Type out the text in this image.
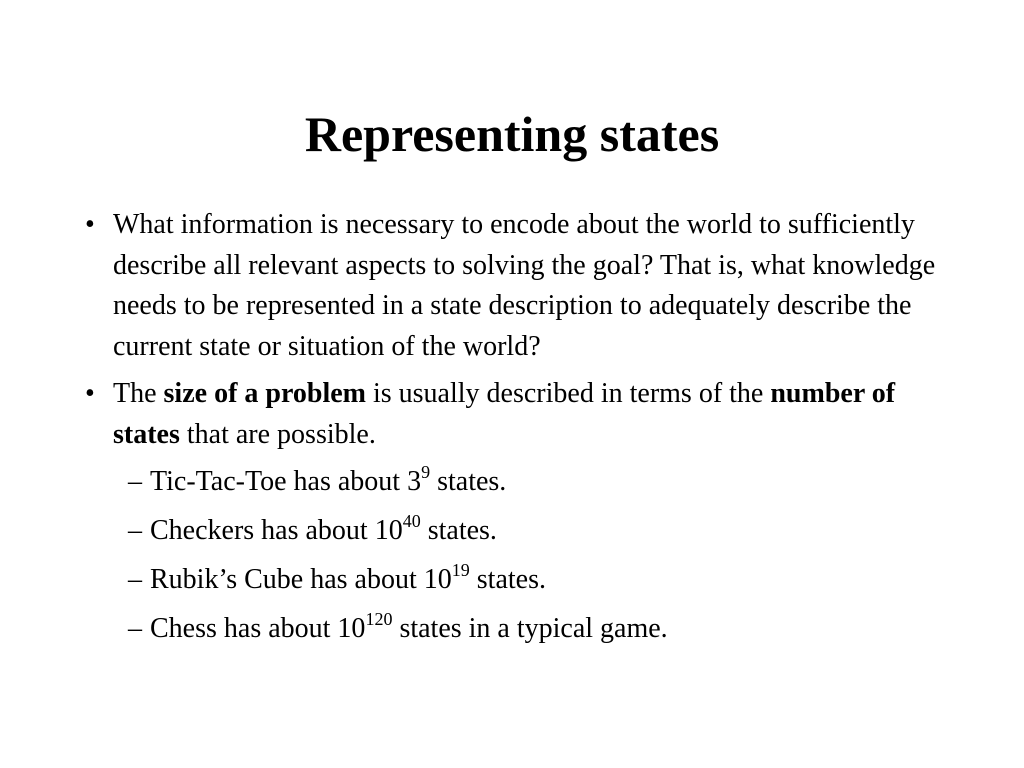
Representing states

• What information is necessary to encode about the world to sufficiently describe all relevant aspects to solving the goal? That is, what knowledge needs to be represented in a state description to adequately describe the current state or situation of the world?

• The size of a problem is usually described in terms of the number of states that are possible.

– Tic-Tac-Toe has about $3^9$ states.

– Checkers has about $10^{40}$ states.

– Rubik’s Cube has about $10^{19}$ states.

– Chess has about $10^{120}$ states in a typical game.
